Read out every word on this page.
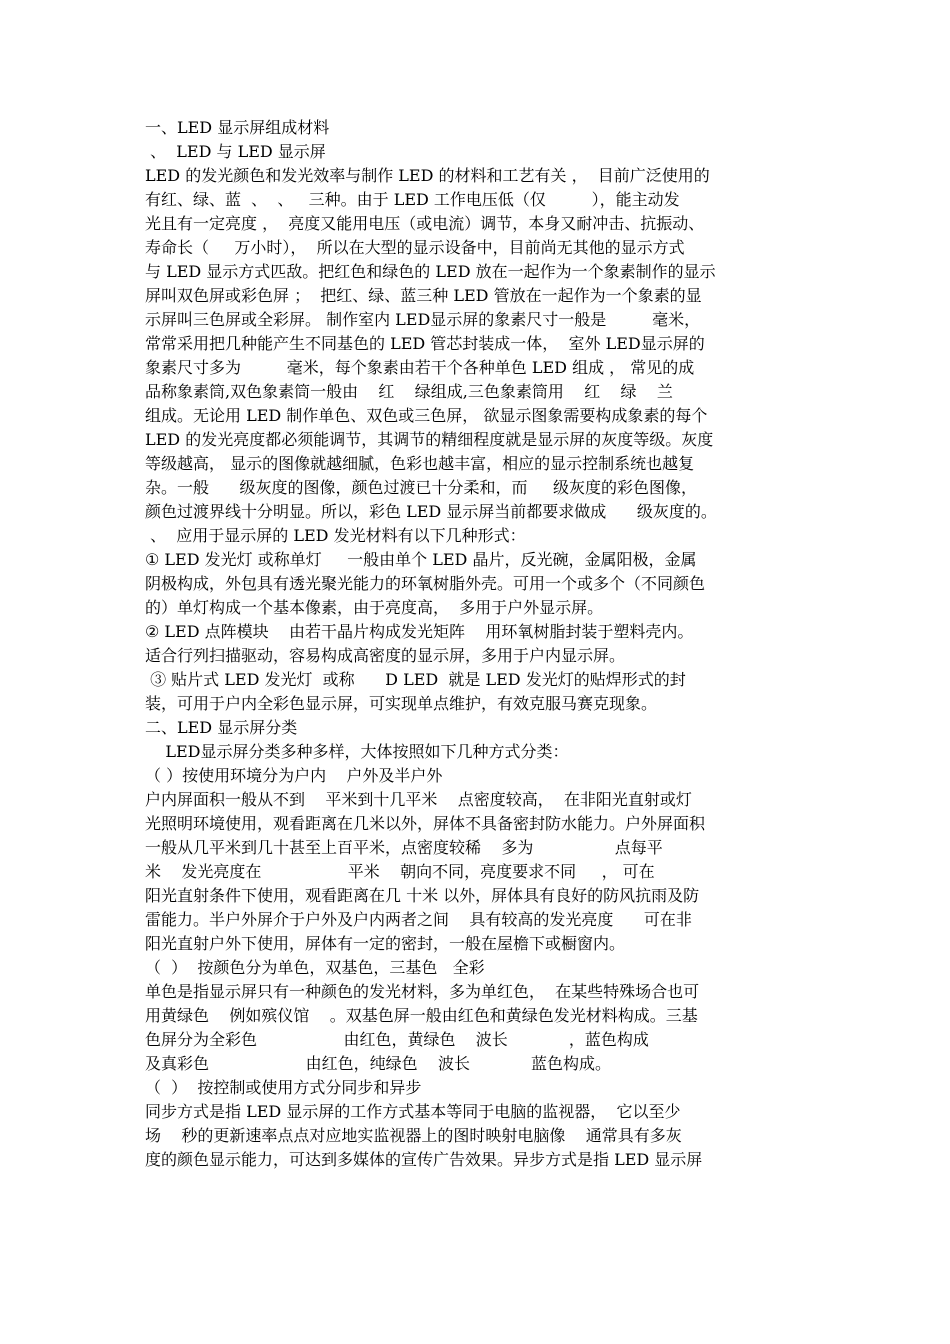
一、LED 显示屏组成材料
、  LED 与 LED 显示屏
LED 的发光颜色和发光效率与制作 LED 的材料和工艺有关 ，  目前广泛使用的
有红、绿、蓝  、  、   三种。由于 LED 工作电压低（仅         ），能主动发
光且有一定亮度 ，  亮度又能用电压（或电流）调节，本身又耐冲击、抗振动、
寿命长（     万小时），  所以在大型的显示设备中，目前尚无其他的显示方式
与 LED 显示方式匹敌。把红色和绿色的 LED 放在一起作为一个象素制作的显示
屏叫双色屏或彩色屏 ；  把红、绿、蓝三种 LED 管放在一起作为一个象素的显
示屏叫三色屏或全彩屏。 制作室内 LED显示屏的象素尺寸一般是         毫米，
常常采用把几种能产生不同基色的 LED 管芯封装成一体，  室外 LED显示屏的
象素尺寸多为         毫米，每个象素由若干个各种单色 LED 组成 ， 常见的成
品称象素筒,双色象素筒一般由    红    绿组成,三色象素筒用    红    绿    兰
组成。无论用 LED 制作单色、双色或三色屏， 欲显示图象需要构成象素的每个
LED 的发光亮度都必须能调节，其调节的精细程度就是显示屏的灰度等级。灰度
等级越高， 显示的图像就越细腻，色彩也越丰富，相应的显示控制系统也越复
杂。一般      级灰度的图像，颜色过渡已十分柔和，而     级灰度的彩色图像，
颜色过渡界线十分明显。所以，彩色 LED 显示屏当前都要求做成      级灰度的。
、  应用于显示屏的 LED 发光材料有以下几种形式：
① LED 发光灯 或称单灯     一般由单个 LED 晶片，反光碗，金属阳极，金属
阴极构成，外包具有透光聚光能力的环氧树脂外壳。可用一个或多个（不同颜色
的）单灯构成一个基本像素，由于亮度高，  多用于户外显示屏。
② LED 点阵模块    由若干晶片构成发光矩阵    用环氧树脂封装于塑料壳内。
适合行列扫描驱动，容易构成高密度的显示屏，多用于户内显示屏。
③ 贴片式 LED 发光灯  或称      D LED  就是 LED 发光灯的贴焊形式的封
装，可用于户内全彩色显示屏，可实现单点维护，有效克服马赛克现象。
二、LED 显示屏分类
LED显示屏分类多种多样，大体按照如下几种方式分类：
（ ）按使用环境分为户内    户外及半户外
户内屏面积一般从不到    平米到十几平米    点密度较高，  在非阳光直射或灯
光照明环境使用，观看距离在几米以外，屏体不具备密封防水能力。户外屏面积
一般从几平米到几十甚至上百平米，点密度较稀    多为                点每平
米    发光亮度在                 平米    朝向不同，亮度要求不同     ， 可在
阳光直射条件下使用，观看距离在几 十米 以外，屏体具有良好的防风抗雨及防
雷能力。半户外屏介于户外及户内两者之间    具有较高的发光亮度      可在非
阳光直射户外下使用，屏体有一定的密封，一般在屋檐下或橱窗内。
（  ）  按颜色分为单色，双基色，三基色   全彩
单色是指显示屏只有一种颜色的发光材料，多为单红色，  在某些特殊场合也可
用黄绿色    例如殡仪馆    。双基色屏一般由红色和黄绿色发光材料构成。三基
色屏分为全彩色                 由红色，黄绿色    波长            ，蓝色构成
及真彩色                   由红色，纯绿色    波长            蓝色构成。
（  ）  按控制或使用方式分同步和异步
同步方式是指 LED 显示屏的工作方式基本等同于电脑的监视器，  它以至少
场    秒的更新速率点点对应地实监视器上的图时映射电脑像    通常具有多灰
度的颜色显示能力，可达到多媒体的宣传广告效果。异步方式是指 LED 显示屏
